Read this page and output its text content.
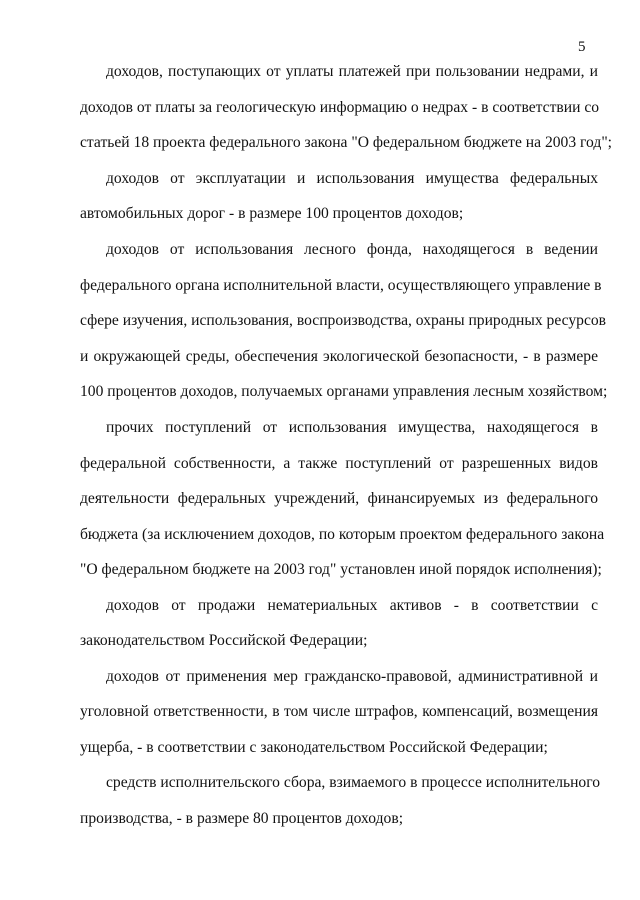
5
доходов, поступающих от уплаты платежей при пользовании недрами, и
доходов от платы за геологическую информацию о недрах - в соответствии со
статьей 18 проекта федерального закона "О федеральном бюджете на 2003 год";
доходов от эксплуатации и использования имущества федеральных
автомобильных дорог - в размере 100 процентов доходов;
доходов от использования лесного фонда, находящегося в ведении
федерального органа исполнительной власти, осуществляющего управление в
сфере изучения, использования, воспроизводства, охраны природных ресурсов
и окружающей среды, обеспечения экологической безопасности, - в размере
100 процентов доходов, получаемых органами управления лесным хозяйством;
прочих поступлений от использования имущества, находящегося в
федеральной собственности, а также поступлений от разрешенных видов
деятельности федеральных учреждений, финансируемых из федерального
бюджета (за исключением доходов, по которым проектом федерального закона
"О федеральном бюджете на 2003 год" установлен иной порядок исполнения);
доходов от продажи нематериальных активов - в соответствии с
законодательством Российской Федерации;
доходов от применения мер гражданско-правовой, административной и
уголовной ответственности, в том числе штрафов, компенсаций, возмещения
ущерба, - в соответствии с законодательством Российской Федерации;
средств исполнительского сбора, взимаемого в процессе исполнительного
производства, - в размере 80 процентов доходов;
